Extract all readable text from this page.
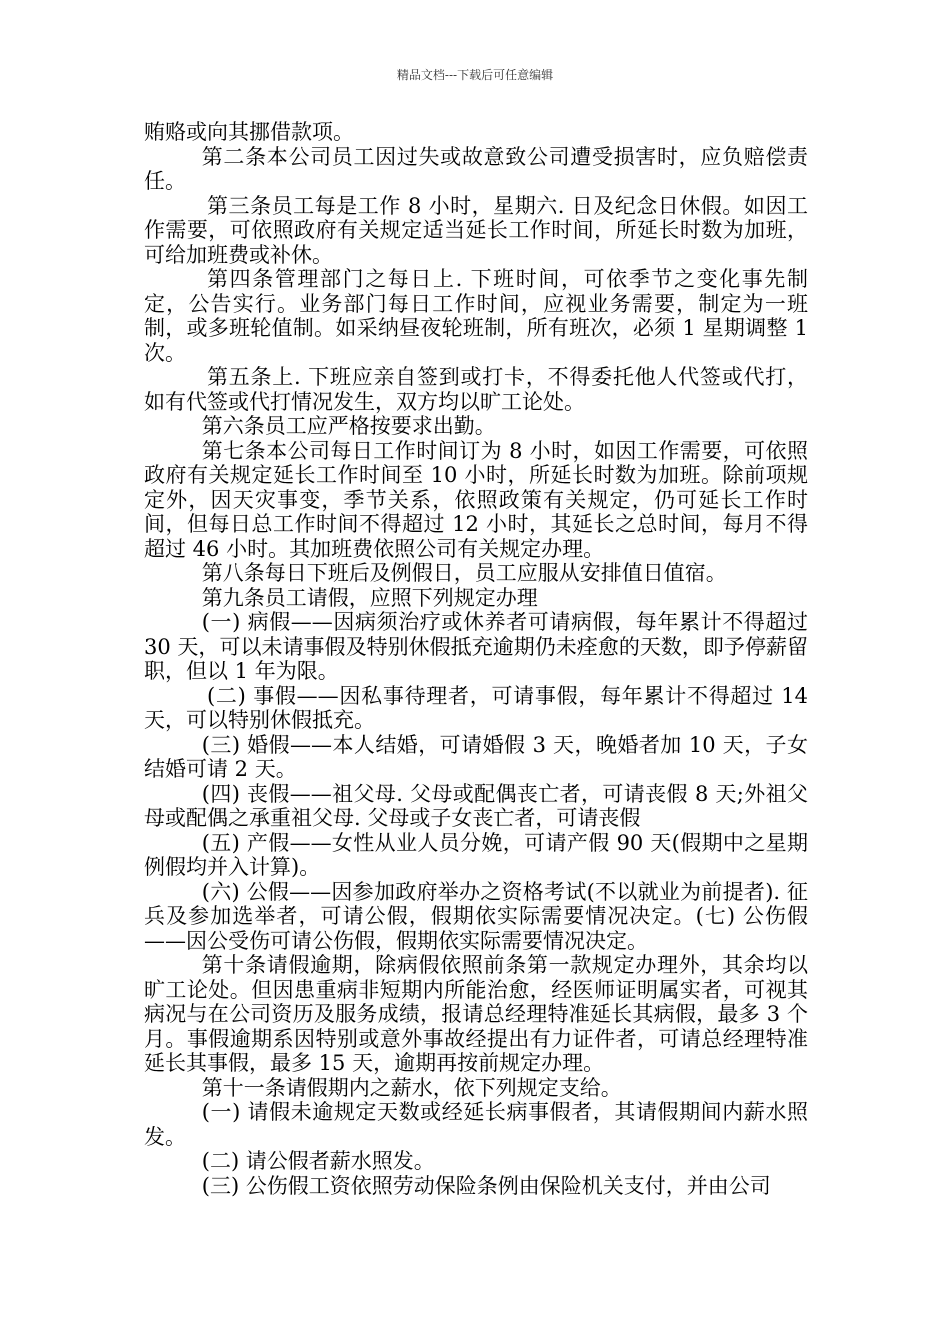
精品文档---下载后可任意编辑

贿赂或向其挪借款项。

第二条本公司员工因过失或故意致公司遭受损害时，应负赔偿责任。

第三条员工每是工作 8 小时，星期六. 日及纪念日休假。如因工作需要，可依照政府有关规定适当延长工作时间，所延长时数为加班，可给加班费或补休。

第四条管理部门之每日上. 下班时间，可依季节之变化事先制定，公告实行。业务部门每日工作时间，应视业务需要，制定为一班制，或多班轮值制。如采纳昼夜轮班制，所有班次，必须 1 星期调整 1 次。

第五条上. 下班应亲自签到或打卡，不得委托他人代签或代打，如有代签或代打情况发生，双方均以旷工论处。

第六条员工应严格按要求出勤。

第七条本公司每日工作时间订为 8 小时，如因工作需要，可依照政府有关规定延长工作时间至 10 小时，所延长时数为加班。除前项规定外，因天灾事变，季节关系，依照政策有关规定，仍可延长工作时间，但每日总工作时间不得超过 12 小时，其延长之总时间，每月不得超过 46 小时。其加班费依照公司有关规定办理。

第八条每日下班后及例假日，员工应服从安排值日值宿。

第九条员工请假，应照下列规定办理

(一) 病假——因病须治疗或休养者可请病假，每年累计不得超过 30 天，可以未请事假及特别休假抵充逾期仍未痊愈的天数，即予停薪留职，但以 1 年为限。

(二) 事假——因私事待理者，可请事假，每年累计不得超过 14 天，可以特别休假抵充。

(三) 婚假——本人结婚，可请婚假 3 天，晚婚者加 10 天，子女结婚可请 2 天。

(四) 丧假——祖父母. 父母或配偶丧亡者，可请丧假 8 天;外祖父母或配偶之承重祖父母. 父母或子女丧亡者，可请丧假

(五) 产假——女性从业人员分娩，可请产假 90 天(假期中之星期例假均并入计算)。

(六) 公假——因参加政府举办之资格考试(不以就业为前提者). 征兵及参加选举者，可请公假，假期依实际需要情况决定。(七) 公伤假——因公受伤可请公伤假，假期依实际需要情况决定。

第十条请假逾期，除病假依照前条第一款规定办理外，其余均以旷工论处。但因患重病非短期内所能治愈，经医师证明属实者，可视其病况与在公司资历及服务成绩，报请总经理特准延长其病假，最多 3 个月。事假逾期系因特别或意外事故经提出有力证件者，可请总经理特准延长其事假，最多 15 天，逾期再按前规定办理。

第十一条请假期内之薪水，依下列规定支给。

(一) 请假未逾规定天数或经延长病事假者，其请假期间内薪水照发。

(二) 请公假者薪水照发。

(三) 公伤假工资依照劳动保险条例由保险机关支付，并由公司
